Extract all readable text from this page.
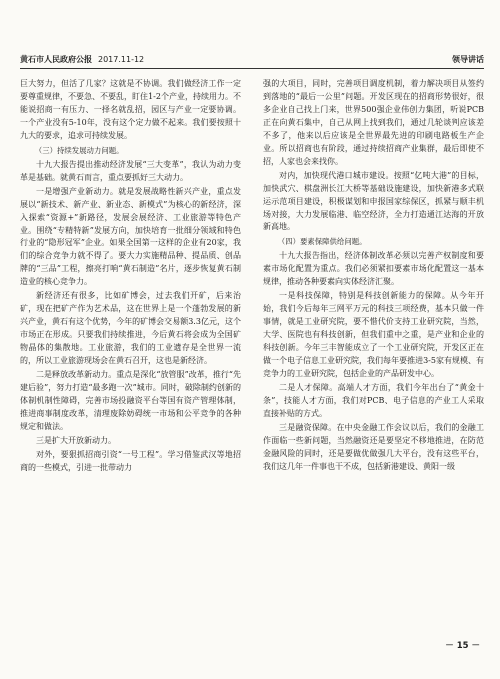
黄石市人民政府公报 2017.11-12	领导讲话

巨大努力，但活了几家？这就是不协调。我们做经济工作一定要尊重规律，不要急、不要乱，盯住1-2个产业，持续用力。不能说招商一有压力、一择名就乱招，园区与产业一定要协调。一个产业没有5-10年，没有这个定力做不起来。我们要按照十九大的要求，追求可持续发展。

（三）持续发展动力问题。

十九大报告提出推动经济发展“三大变革”，我认为动力变革是基础。就黄石而言，重点要抓好三大动力。

一是增强产业新动力。就是发展战略性新兴产业，重点发展以“新技术、新产业、新业态、新模式”为核心的新经济，深入探索“资源+”新路径，发展会展经济、工业旅游等特色产业。围绕“专精特新”发展方向，加快培育一批细分领域和特色行业的“隐形冠军”企业。如果全国第一这样的企业有20家，我们的综合竞争力就不得了。要大力实施精品种、提品质、创品牌的“三品”工程，擦亮打响“黄石制造”名片，逐步恢复黄石制造业的核心竞争力。

新经济还有很多，比如矿博会，过去我们开矿，后来治矿，现在把矿产作为艺术品，这在世界上是一个蓬勃发展的新兴产业，黄石有这个优势，今年的矿博会交易额3.3亿元，这个市场正在形成。只要我们持续推进，今后黄石将会成为全国矿物晶体的集散地。工业旅游，我们的工业遗存是全世界一流的，所以工业旅游现场会在黄石召开，这也是新经济。

二是释放改革新动力。重点是深化“放管服”改革，推行“先建后验”，努力打造“最多跑一次”城市。同时，破除制约创新的体制机制性障碍，完善市场投融资平台等国有资产管理体制，推进商事制度改革，清理废除妨碍统一市场和公平竞争的各种规定和做法。

三是扩大开放新动力。

对外，要狠抓招商引资“一号工程”。学习借鉴武汉等地招商的一些模式，引进一批带动力

强的大项目，同时，完善项目调度机制，着力解决项目从签约到落地的“最后一公里”问题。开发区现在的招商形势很好，很多企业自己找上门来，世界500强企业伟创力集团，听说PCB正在向黄石集中，自己从网上找到我们，通过几轮谈判应该差不多了，他来以后应该是全世界最先进的印刷电路板生产企业。所以招商也有阶段，通过持续招商产业集群，最后即使不招，人家也会来找你。

对内，加快现代港口城市建设。按照“亿吨大港”的目标，加快武穴、棋盘洲长江大桥等基础设施建设，加快新港多式联运示范项目建设，积极谋划和申报国家综保区，抓紧与顺丰机场对接，大力发展临港、临空经济，全力打造通江达海的开放新高地。

（四）要素保障供给问题。

十九大报告指出，经济体制改革必须以完善产权制度和要素市场化配置为重点。我们必须紧扣要素市场化配置这一基本规律，推动各种要素向实体经济汇聚。

一是科技保障，特别是科技创新能力的保障。从今年开始，我们今后每年三网平万元的科技三项经费，基本只做一件事情，就是工业研究院，要不惜代价支持工业研究院，当然，大学、医院也有科技创新，但我们重中之重，是产业和企业的科技创新。今年三丰智能成立了一个工业研究院，开发区正在做一个电子信息工业研究院，我们每年要推进3-5家有规模、有竞争力的工业研究院，包括企业的产品研发中心。

二是人才保障。高端人才方面，我们今年出台了“黄金十条”，技能人才方面，我们对PCB、电子信息的产业工人采取直接补贴的方式。

三是融资保障。在中央金融工作会议以后，我们的金融工作面临一些新问题，当然融资还是要坚定不移地推进，在防范金融风险的同时，还是要做优做强几大平台，没有这些平台，我们这几年一件事也干不成，包括新港建设、黄阳一级

－ 15 －
